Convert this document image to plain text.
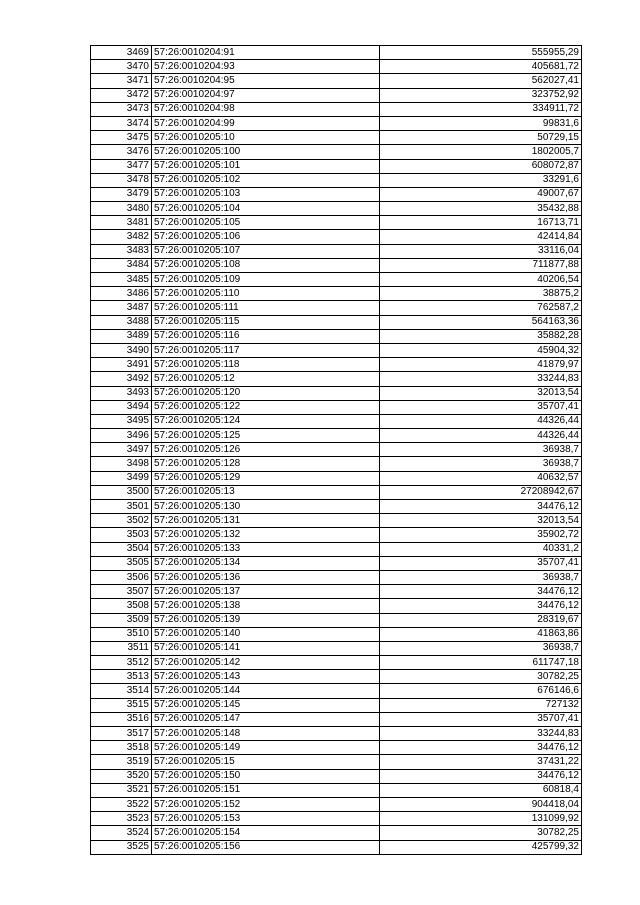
3469	57:26:0010204:91	555955,29
3470	57:26:0010204:93	405681,72
3471	57:26:0010204:95	562027,41
3472	57:26:0010204:97	323752,92
3473	57:26:0010204:98	334911,72
3474	57:26:0010204:99	99831,6
3475	57:26:0010205:10	50729,15
3476	57:26:0010205:100	1802005,7
3477	57:26:0010205:101	608072,87
3478	57:26:0010205:102	33291,6
3479	57:26:0010205:103	49007,67
3480	57:26:0010205:104	35432,88
3481	57:26:0010205:105	16713,71
3482	57:26:0010205:106	42414,84
3483	57:26:0010205:107	33116,04
3484	57:26:0010205:108	711877,88
3485	57:26:0010205:109	40206,54
3486	57:26:0010205:110	38875,2
3487	57:26:0010205:111	762587,2
3488	57:26:0010205:115	564163,36
3489	57:26:0010205:116	35882,28
3490	57:26:0010205:117	45904,32
3491	57:26:0010205:118	41879,97
3492	57:26:0010205:12	33244,83
3493	57:26:0010205:120	32013,54
3494	57:26:0010205:122	35707,41
3495	57:26:0010205:124	44326,44
3496	57:26:0010205:125	44326,44
3497	57:26:0010205:126	36938,7
3498	57:26:0010205:128	36938,7
3499	57:26:0010205:129	40632,57
3500	57:26:0010205:13	27208942,67
3501	57:26:0010205:130	34476,12
3502	57:26:0010205:131	32013,54
3503	57:26:0010205:132	35902,72
3504	57:26:0010205:133	40331,2
3505	57:26:0010205:134	35707,41
3506	57:26:0010205:136	36938,7
3507	57:26:0010205:137	34476,12
3508	57:26:0010205:138	34476,12
3509	57:26:0010205:139	28319,67
3510	57:26:0010205:140	41863,86
3511	57:26:0010205:141	36938,7
3512	57:26:0010205:142	611747,18
3513	57:26:0010205:143	30782,25
3514	57:26:0010205:144	676146,6
3515	57:26:0010205:145	727132
3516	57:26:0010205:147	35707,41
3517	57:26:0010205:148	33244,83
3518	57:26:0010205:149	34476,12
3519	57:26:0010205:15	37431,22
3520	57:26:0010205:150	34476,12
3521	57:26:0010205:151	60818,4
3522	57:26:0010205:152	904418,04
3523	57:26:0010205:153	131099,92
3524	57:26:0010205:154	30782,25
3525	57:26:0010205:156	425799,32
